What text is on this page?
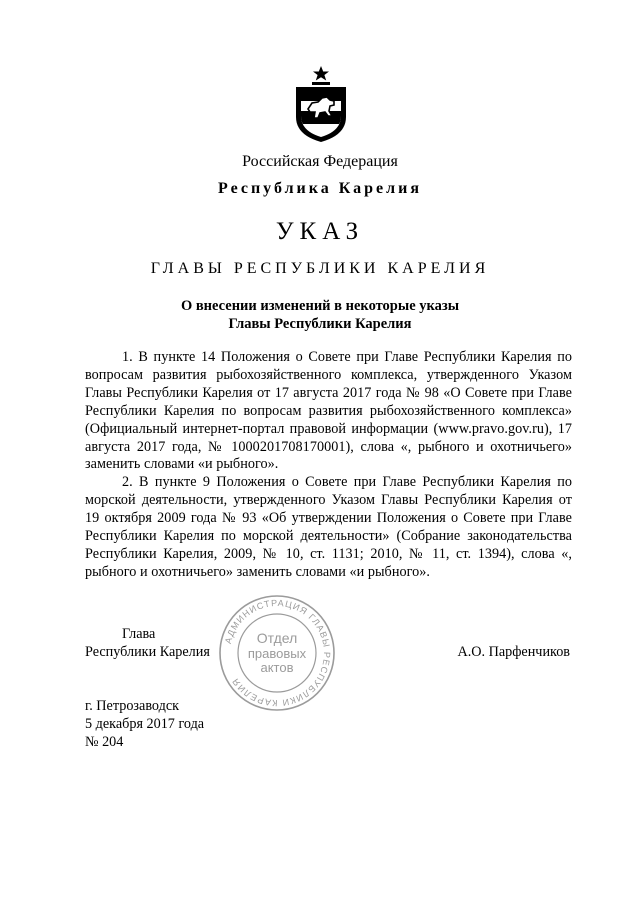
Российская Федерация
Республика Карелия
УКАЗ
ГЛАВЫ РЕСПУБЛИКИ КАРЕЛИЯ
О внесении изменений в некоторые указы
Главы Республики Карелия

1. В пункте 14 Положения о Совете при Главе Республики Карелия по вопросам развития рыбохозяйственного комплекса, утвержденного Указом Главы Республики Карелия от 17 августа 2017 года № 98 «О Совете при Главе Республики Карелия по вопросам развития рыбохозяйственного комплекса» (Официальный интернет-портал правовой информации (www.pravo.gov.ru), 17 августа 2017 года, № 1000201708170001), слова «, рыбного и охотничьего» заменить словами «и рыбного».

2. В пункте 9 Положения о Совете при Главе Республики Карелия по морской деятельности, утвержденного Указом Главы Республики Карелия от 19 октября 2009 года № 93 «Об утверждении Положения о Совете при Главе Республики Карелия по морской деятельности» (Собрание законодательства Республики Карелия, 2009, № 10, ст. 1131; 2010, № 11, ст. 1394), слова «, рыбного и охотничьего» заменить словами «и рыбного».

Глава
Республики Карелия
АДМИНИСТРАЦИЯ ГЛАВЫ РЕСПУБЛИКИ КАРЕЛИЯ
Отдел
правовых
актов
А.О. Парфенчиков
г. Петрозаводск
5 декабря 2017 года
№ 204
